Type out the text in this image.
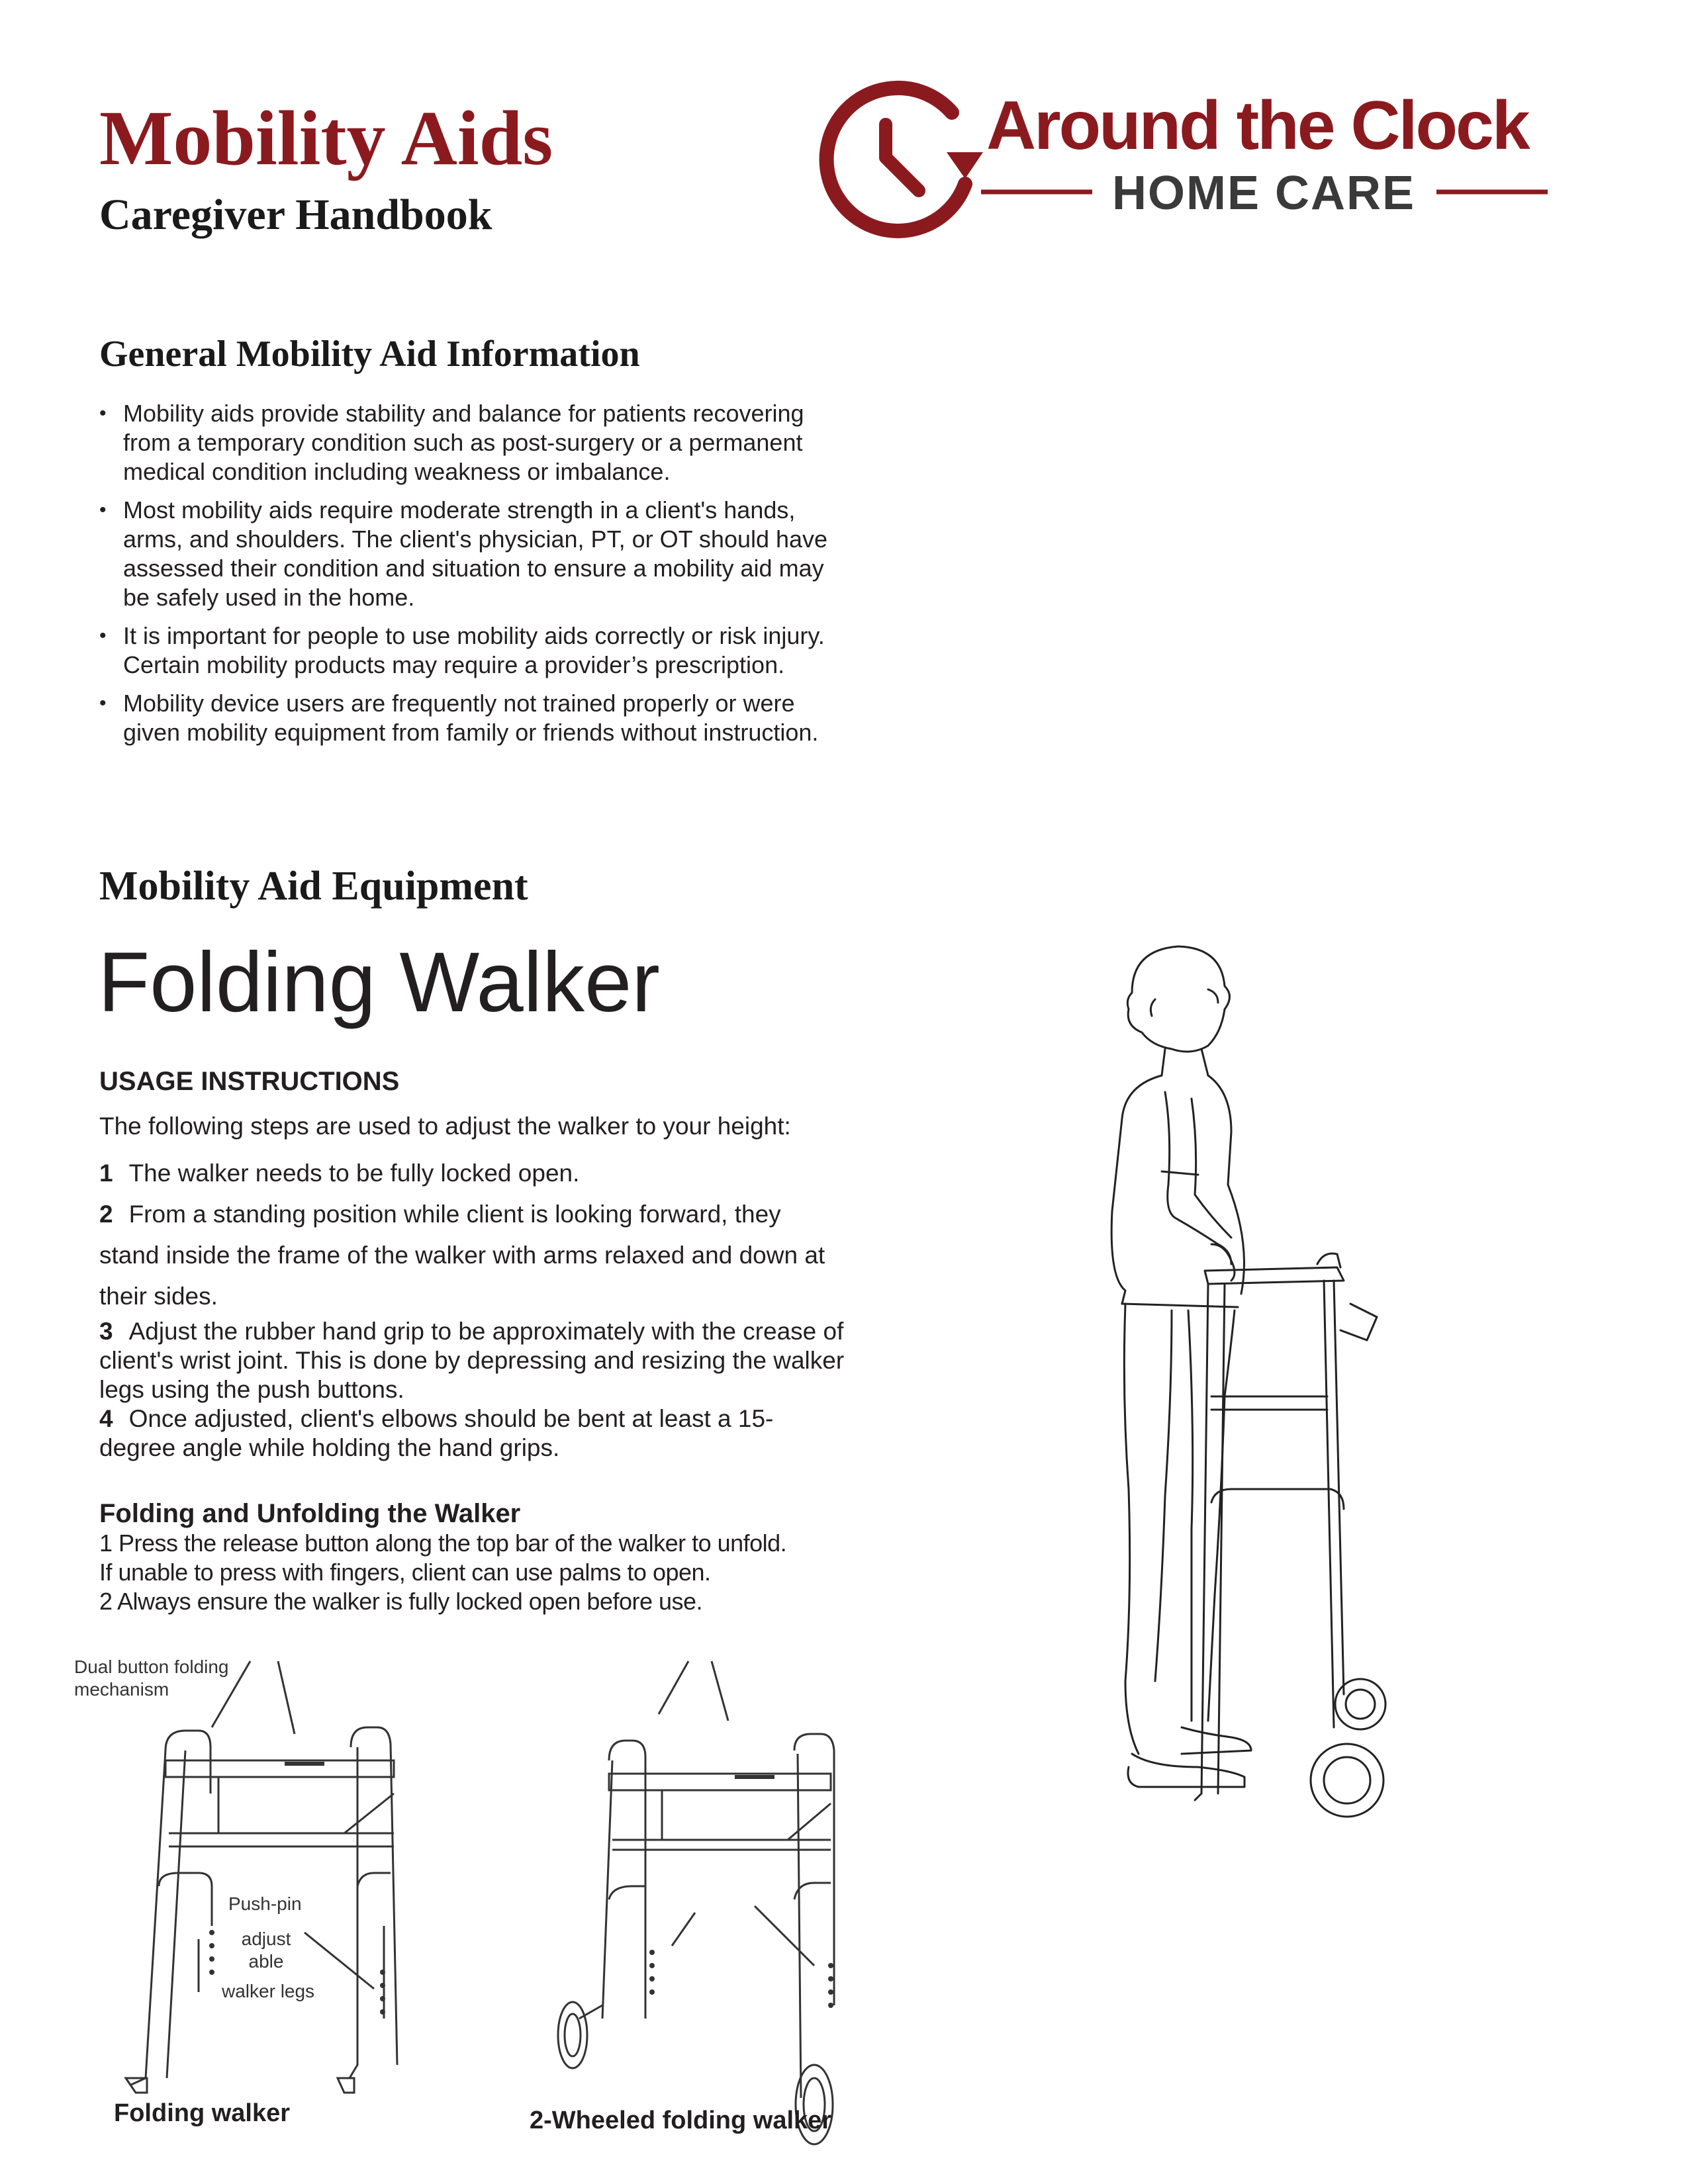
Mobility Aids
Caregiver Handbook
Around the Clock
HOME CARE
General Mobility Aid Information
• Mobility aids provide stability and balance for patients recovering from a temporary condition such as post-surgery or a permanent medical condition including weakness or imbalance.
• Most mobility aids require moderate strength in a client's hands, arms, and shoulders. The client's physician, PT, or OT should have assessed their condition and situation to ensure a mobility aid may be safely used in the home.
• It is important for people to use mobility aids correctly or risk injury. Certain mobility products may require a provider’s prescription.
• Mobility device users are frequently not trained properly or were given mobility equipment from family or friends without instruction.
Mobility Aid Equipment
Folding Walker
USAGE INSTRUCTIONS
The following steps are used to adjust the walker to your height:

1 The walker needs to be fully locked open.

2 From a standing position while client is looking forward, they stand inside the frame of the walker with arms relaxed and down at their sides.

3 Adjust the rubber hand grip to be approximately with the crease of client's wrist joint. This is done by depressing and resizing the walker legs using the push buttons.

4 Once adjusted, client's elbows should be bent at least a 15-degree angle while holding the hand grips.

Folding and Unfolding the Walker
1 Press the release button along the top bar of the walker to unfold. If unable to press with fingers, client can use palms to open.
2 Always ensure the walker is fully locked open before use.
Dual button folding mechanism
Push-pin
adjust able
walker legs
Folding walker	2-Wheeled folding walker
